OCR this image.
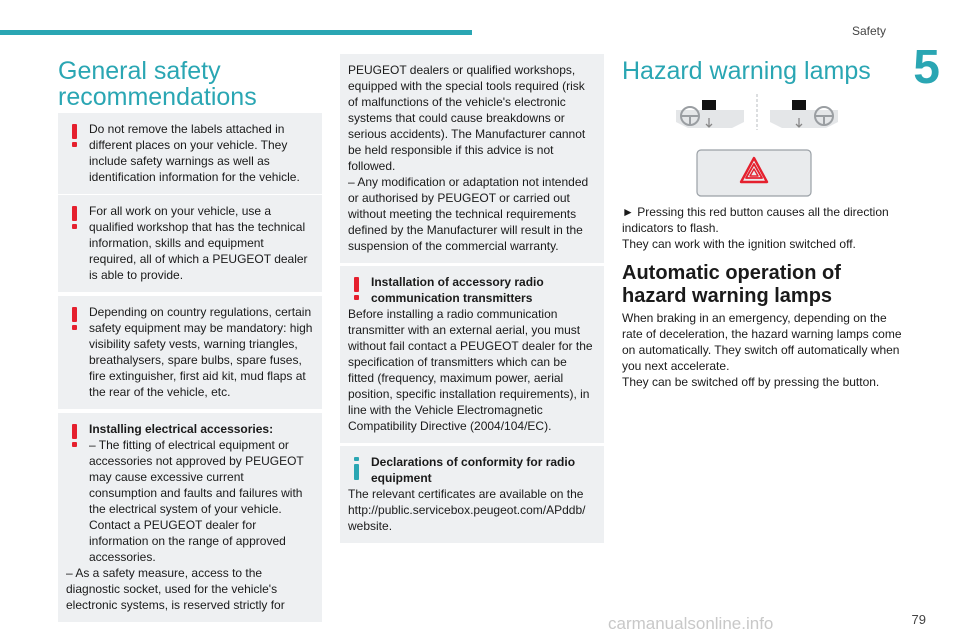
Safety
5
General safety recommendations
Do not remove the labels attached in different places on your vehicle. They include safety warnings as well as identification information for the vehicle.
For all work on your vehicle, use a qualified workshop that has the technical information, skills and equipment required, all of which a PEUGEOT dealer is able to provide.
Depending on country regulations, certain safety equipment may be mandatory: high visibility safety vests, warning triangles, breathalysers, spare bulbs, spare fuses, fire extinguisher, first aid kit, mud flaps at the rear of the vehicle, etc.
Installing electrical accessories:
– The fitting of electrical equipment or accessories not approved by PEUGEOT may cause excessive current consumption and faults and failures with the electrical system of your vehicle. Contact a PEUGEOT dealer for information on the range of approved accessories.
– As a safety measure, access to the diagnostic socket, used for the vehicle's electronic systems, is reserved strictly for
PEUGEOT dealers or qualified workshops, equipped with the special tools required (risk of malfunctions of the vehicle's electronic systems that could cause breakdowns or serious accidents). The Manufacturer cannot be held responsible if this advice is not followed.
– Any modification or adaptation not intended or authorised by PEUGEOT or carried out without meeting the technical requirements defined by the Manufacturer will result in the suspension of the commercial warranty.
Installation of accessory radio communication transmitters
Before installing a radio communication transmitter with an external aerial, you must without fail contact a PEUGEOT dealer for the specification of transmitters which can be fitted (frequency, maximum power, aerial position, specific installation requirements), in line with the Vehicle Electromagnetic Compatibility Directive (2004/104/EC).
Declarations of conformity for radio equipment
The relevant certificates are available on the http://public.servicebox.peugeot.com/APddb/ website.
Hazard warning lamps
► Pressing this red button causes all the direction indicators to flash.
They can work with the ignition switched off.
Automatic operation of hazard warning lamps
When braking in an emergency, depending on the rate of deceleration, the hazard warning lamps come on automatically. They switch off automatically when you next accelerate.
They can be switched off by pressing the button.
79
carmanualsonline.info
